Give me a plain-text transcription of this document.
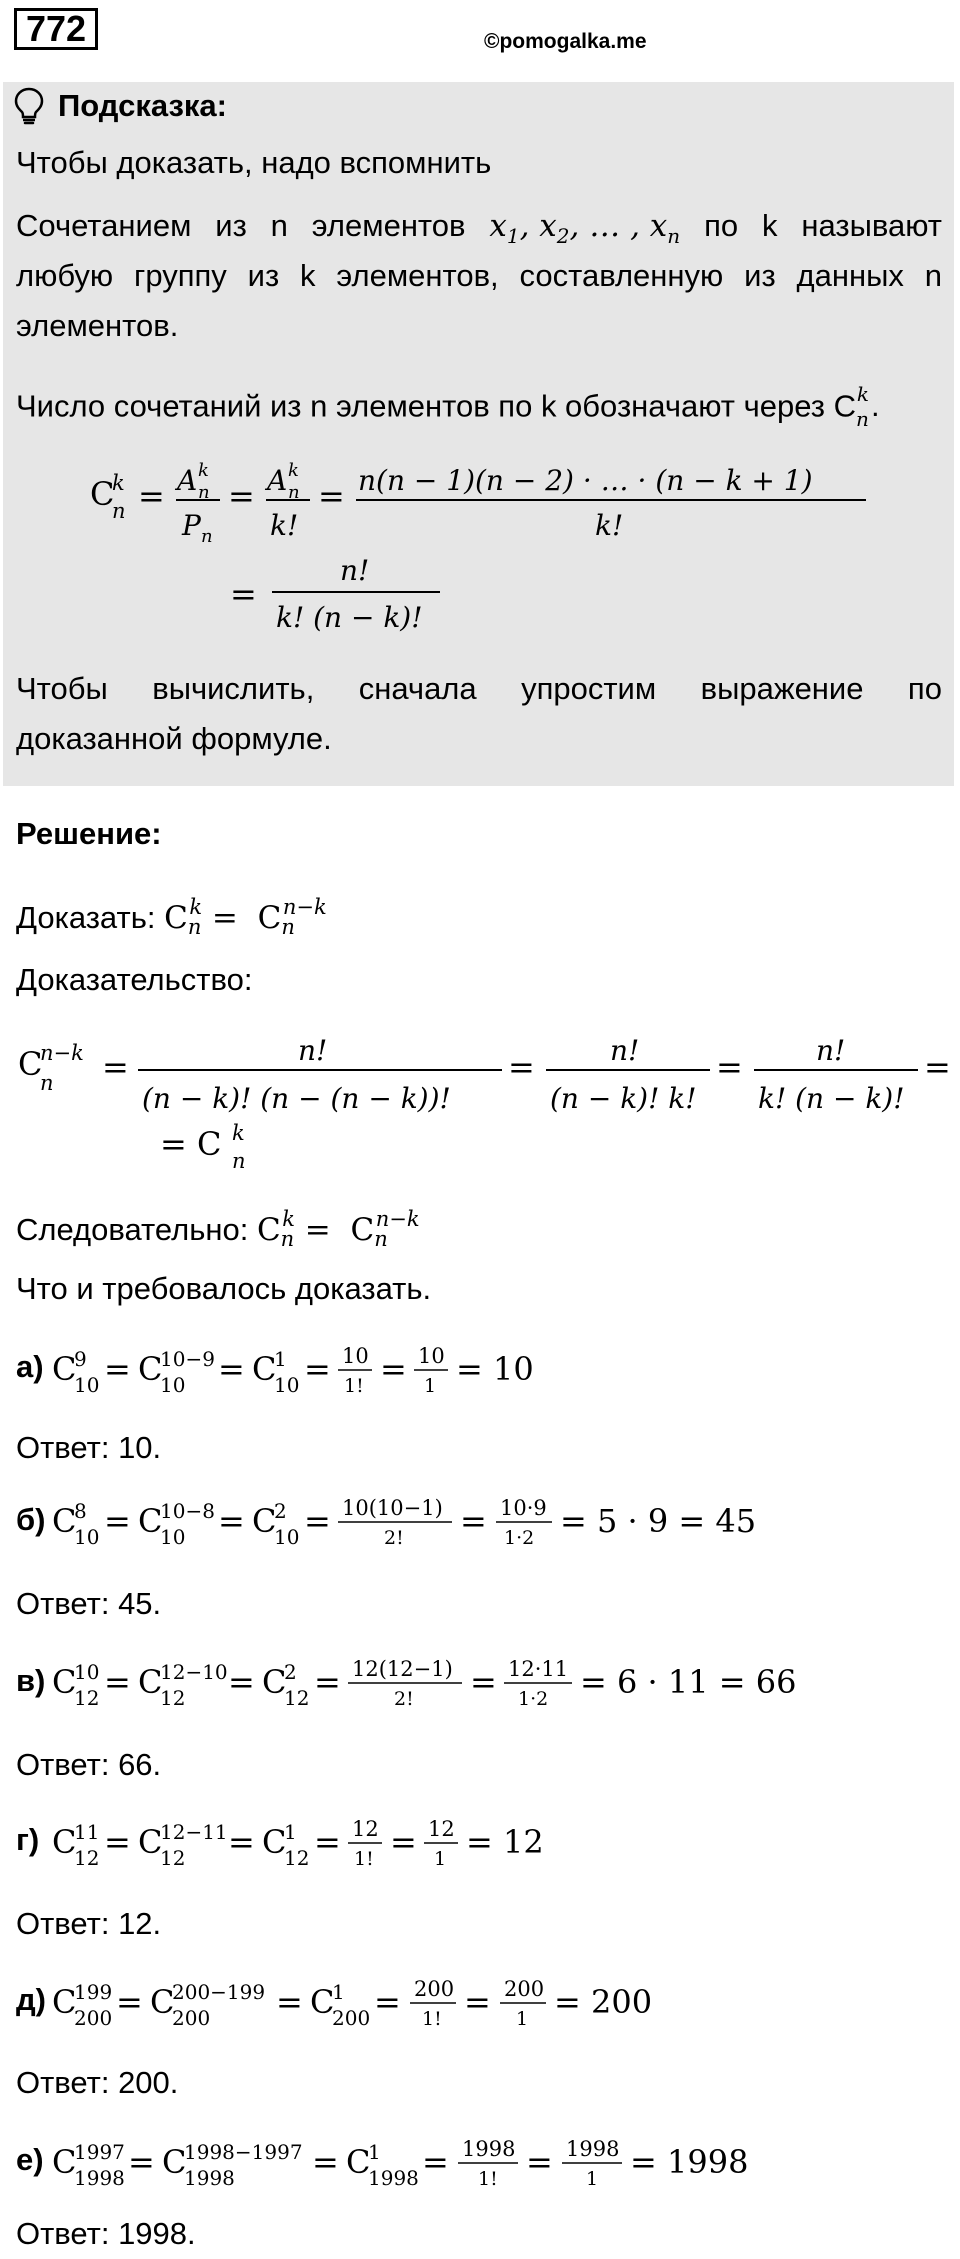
772	©pomogalka.me
Подсказка:
Чтобы доказать, надо вспомнить
Сочетанием из n элементов $x_1$, $x_2$, … , $x_n$ по k называют
любую группу из k элементов, составленную из данных n
элементов.
Число сочетаний из n элементов по k обозначают через $C_n^k$.
C
n
k = A n
k
P n
= A n
k
k!
= n(n − 1)(n − 2) · … · (n − k + 1)
k!
=
n!
k! (n − k)!
Чтобы вычислить, сначала упростим выражение по
доказанной формуле.
Решение:
Доказать: $Cn^k = Cn^{n-k}$
Доказательство:
C
n
n−k =	n!
(n − k)! (n − (n − k))!
=	n!
(n − k)! k!
=	n!
k! (n − k)!
=
= C n
k
Следовательно: $Cn^k = Cn^{n-k}$
Что и требовалось доказать.
а) C
10
9 = C
10
10−9 = C
10
1 = 10
1! = 10
1 = 10
Ответ: 10.
б) C
10
8 = C
10
10−8 = C
10
2 = 10(10−1)
2! = 10·9
1·2 = 5 · 9 = 45
Ответ: 45.
в) C
12
10 = C
12
12−10 = C
12
2 = 12(12−1)
2! = 12·11
1·2 = 6 · 11 = 66
Ответ: 66.
г) C
12
11 = C
12
12−11 = C
12
1 = 12
1! = 12
1 = 12
Ответ: 12.
д) C
200
199 = C
200
200−199 = C
200
1 = 200
1! = 200
1 = 200
Ответ: 200.
е) C
1998
1997 = C
1998
1998−1997 = C
1998
1 = 1998
1! = 1998
1 = 1998
Ответ: 1998.
